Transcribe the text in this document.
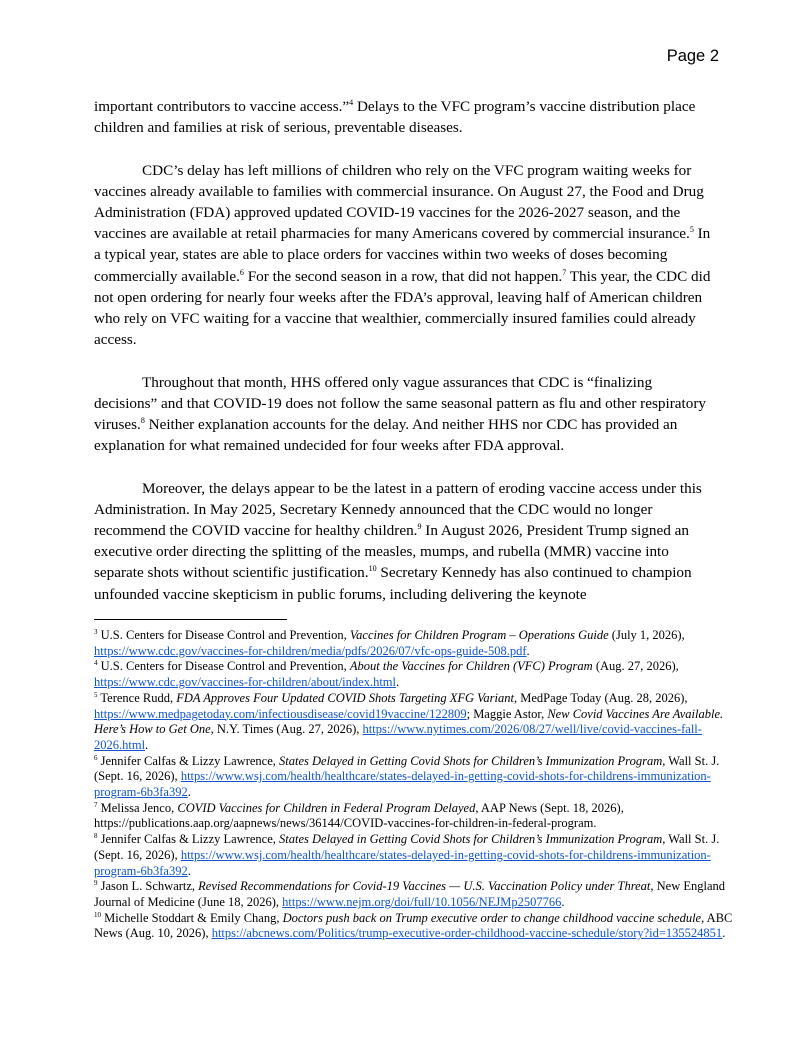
Page 2

important contributors to vaccine access.”$^4$ Delays to the VFC program’s vaccine distribution place children and families at risk of serious, preventable diseases.

CDC’s delay has left millions of children who rely on the VFC program waiting weeks for vaccines already available to families with commercial insurance. On August 27, the Food and Drug Administration (FDA) approved updated COVID-19 vaccines for the 2026-2027 season, and the vaccines are available at retail pharmacies for many Americans covered by commercial insurance.$^5$ In a typical year, states are able to place orders for vaccines within two weeks of doses becoming commercially available.$^6$ For the second season in a row, that did not happen.$^7$ This year, the CDC did not open ordering for nearly four weeks after the FDA’s approval, leaving half of American children who rely on VFC waiting for a vaccine that wealthier, commercially insured families could already access.

Throughout that month, HHS offered only vague assurances that CDC is “finalizing decisions” and that COVID-19 does not follow the same seasonal pattern as flu and other respiratory viruses.$^8$ Neither explanation accounts for the delay. And neither HHS nor CDC has provided an explanation for what remained undecided for four weeks after FDA approval.

Moreover, the delays appear to be the latest in a pattern of eroding vaccine access under this Administration. In May 2025, Secretary Kennedy announced that the CDC would no longer recommend the COVID vaccine for healthy children.$^9$ In August 2026, President Trump signed an executive order directing the splitting of the measles, mumps, and rubella (MMR) vaccine into separate shots without scientific justification.$^{10}$ Secretary Kennedy has also continued to champion unfounded vaccine skepticism in public forums, including delivering the keynote

$^3$ U.S. Centers for Disease Control and Prevention, Vaccines for Children Program – Operations Guide (July 1, 2026), https://www.cdc.gov/vaccines-for-children/media/pdfs/2026/07/vfc-ops-guide-508.pdf.
$^4$ U.S. Centers for Disease Control and Prevention, About the Vaccines for Children (VFC) Program (Aug. 27, 2026), https://www.cdc.gov/vaccines-for-children/about/index.html.
$^5$ Terence Rudd, FDA Approves Four Updated COVID Shots Targeting XFG Variant, MedPage Today (Aug. 28, 2026), https://www.medpagetoday.com/infectiousdisease/covid19vaccine/122809; Maggie Astor, New Covid Vaccines Are Available. Here’s How to Get One, N.Y. Times (Aug. 27, 2026), https://www.nytimes.com/2026/08/27/well/live/covid-vaccines-fall-2026.html.
$^6$ Jennifer Calfas & Lizzy Lawrence, States Delayed in Getting Covid Shots for Children’s Immunization Program, Wall St. J. (Sept. 16, 2026), https://www.wsj.com/health/healthcare/states-delayed-in-getting-covid-shots-for-childrens-immunization-program-6b3fa392.
$^7$ Melissa Jenco, COVID Vaccines for Children in Federal Program Delayed, AAP News (Sept. 18, 2026), https://publications.aap.org/aapnews/news/36144/COVID-vaccines-for-children-in-federal-program.
$^8$ Jennifer Calfas & Lizzy Lawrence, States Delayed in Getting Covid Shots for Children’s Immunization Program, Wall St. J. (Sept. 16, 2026), https://www.wsj.com/health/healthcare/states-delayed-in-getting-covid-shots-for-childrens-immunization-program-6b3fa392.
$^9$ Jason L. Schwartz, Revised Recommendations for Covid-19 Vaccines — U.S. Vaccination Policy under Threat, New England Journal of Medicine (June 18, 2026), https://www.nejm.org/doi/full/10.1056/NEJMp2507766.
$^{10}$ Michelle Stoddart & Emily Chang, Doctors push back on Trump executive order to change childhood vaccine schedule, ABC News (Aug. 10, 2026), https://abcnews.com/Politics/trump-executive-order-childhood-vaccine-schedule/story?id=135524851.
